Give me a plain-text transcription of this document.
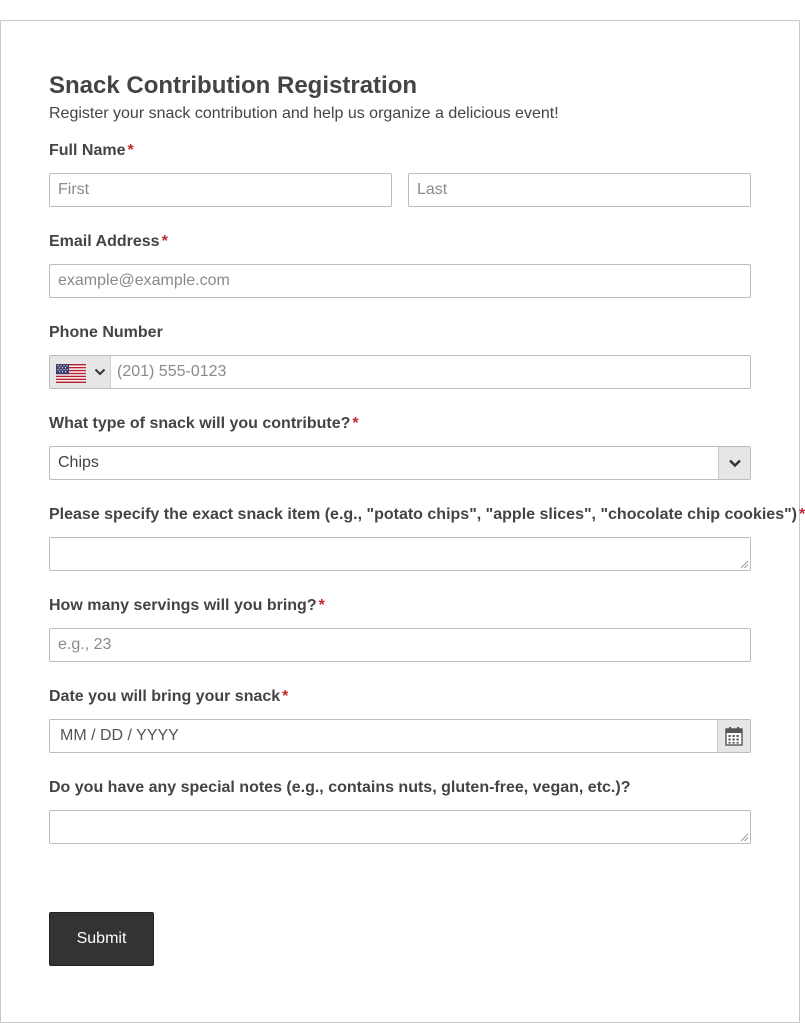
Snack Contribution Registration
Register your snack contribution and help us organize a delicious event!
Full Name *
First	Last
Email Address *
example@example.com
Phone Number
(201) 555-0123
What type of snack will you contribute? *
Chips
Please specify the exact snack item (e.g., "potato chips", "apple slices", "chocolate chip cookies") *
How many servings will you bring? *
e.g., 23
Date you will bring your snack *
MM / DD / YYYY
Do you have any special notes (e.g., contains nuts, gluten-free, vegan, etc.)?
Submit
